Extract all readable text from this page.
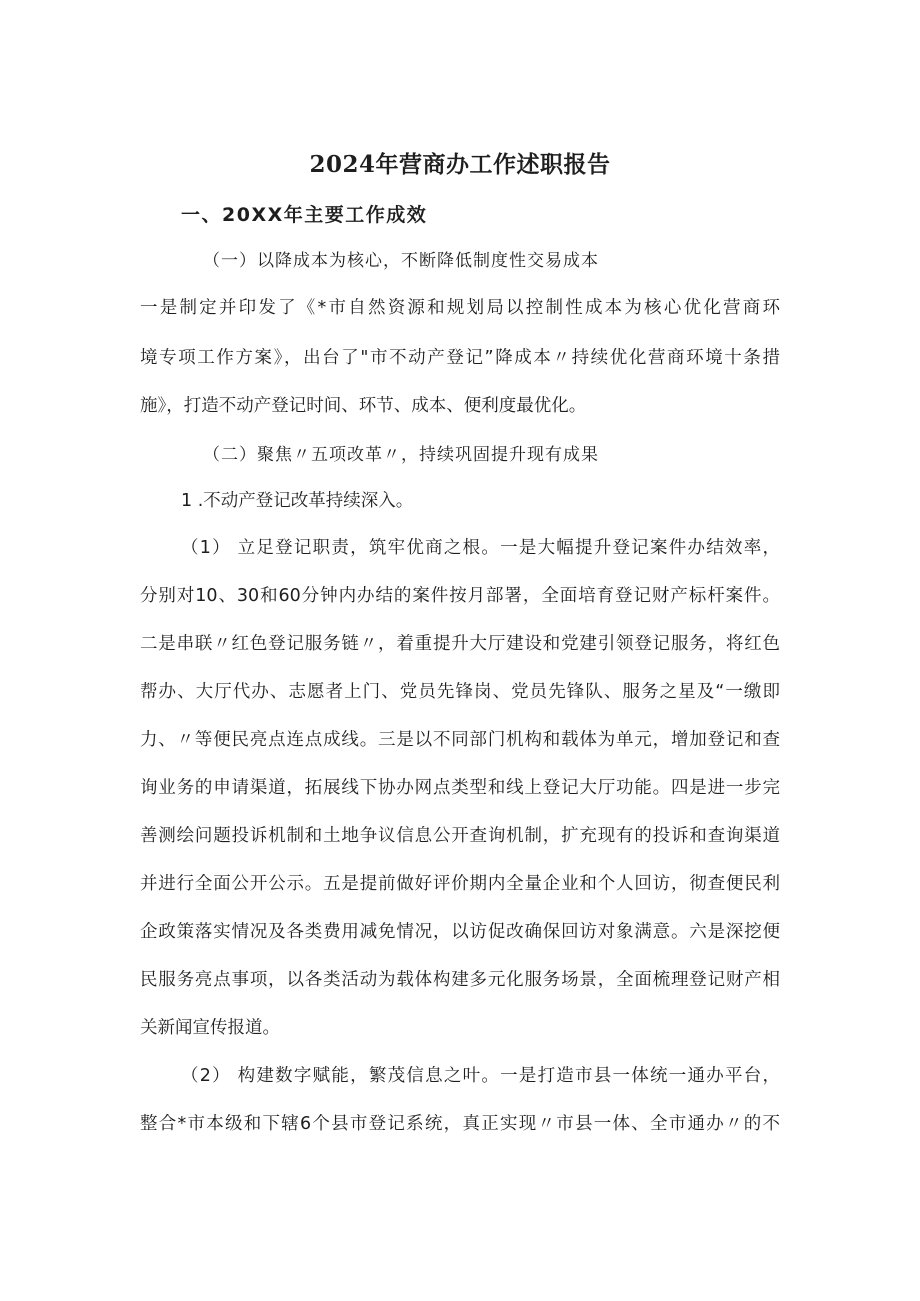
2024年营商办工作述职报告
一、20XX年主要工作成效
（一）以降成本为核心，不断降低制度性交易成本
一是制定并印发了《*市自然资源和规划局以控制性成本为核心优化营商环
境专项工作方案》，出台了"市不动产登记”降成本〃持续优化营商环境十条措
施》，打造不动产登记时间、环节、成本、便利度最优化。
（二）聚焦〃五项改革〃，持续巩固提升现有成果
1 .不动产登记改革持续深入。
（1） 立足登记职责，筑牢优商之根。一是大幅提升登记案件办结效率，
分别对10、30和60分钟内办结的案件按月部署，全面培育登记财产标杆案件。
二是串联〃红色登记服务链〃，着重提升大厅建设和党建引领登记服务，将红色
帮办、大厅代办、志愿者上门、党员先锋岗、党员先锋队、服务之星及“一缴即
力、〃等便民亮点连点成线。三是以不同部门机构和载体为单元，增加登记和查
询业务的申请渠道，拓展线下协办网点类型和线上登记大厅功能。四是进一步完
善测绘问题投诉机制和土地争议信息公开查询机制，扩充现有的投诉和查询渠道
并进行全面公开公示。五是提前做好评价期内全量企业和个人回访，彻查便民利
企政策落实情况及各类费用减免情况，以访促改确保回访对象满意。六是深挖便
民服务亮点事项，以各类活动为载体构建多元化服务场景，全面梳理登记财产相
关新闻宣传报道。
（2） 构建数字赋能，繁茂信息之叶。一是打造市县一体统一通办平台，
整合*市本级和下辖6个县市登记系统，真正实现〃市县一体、全市通办〃的不
